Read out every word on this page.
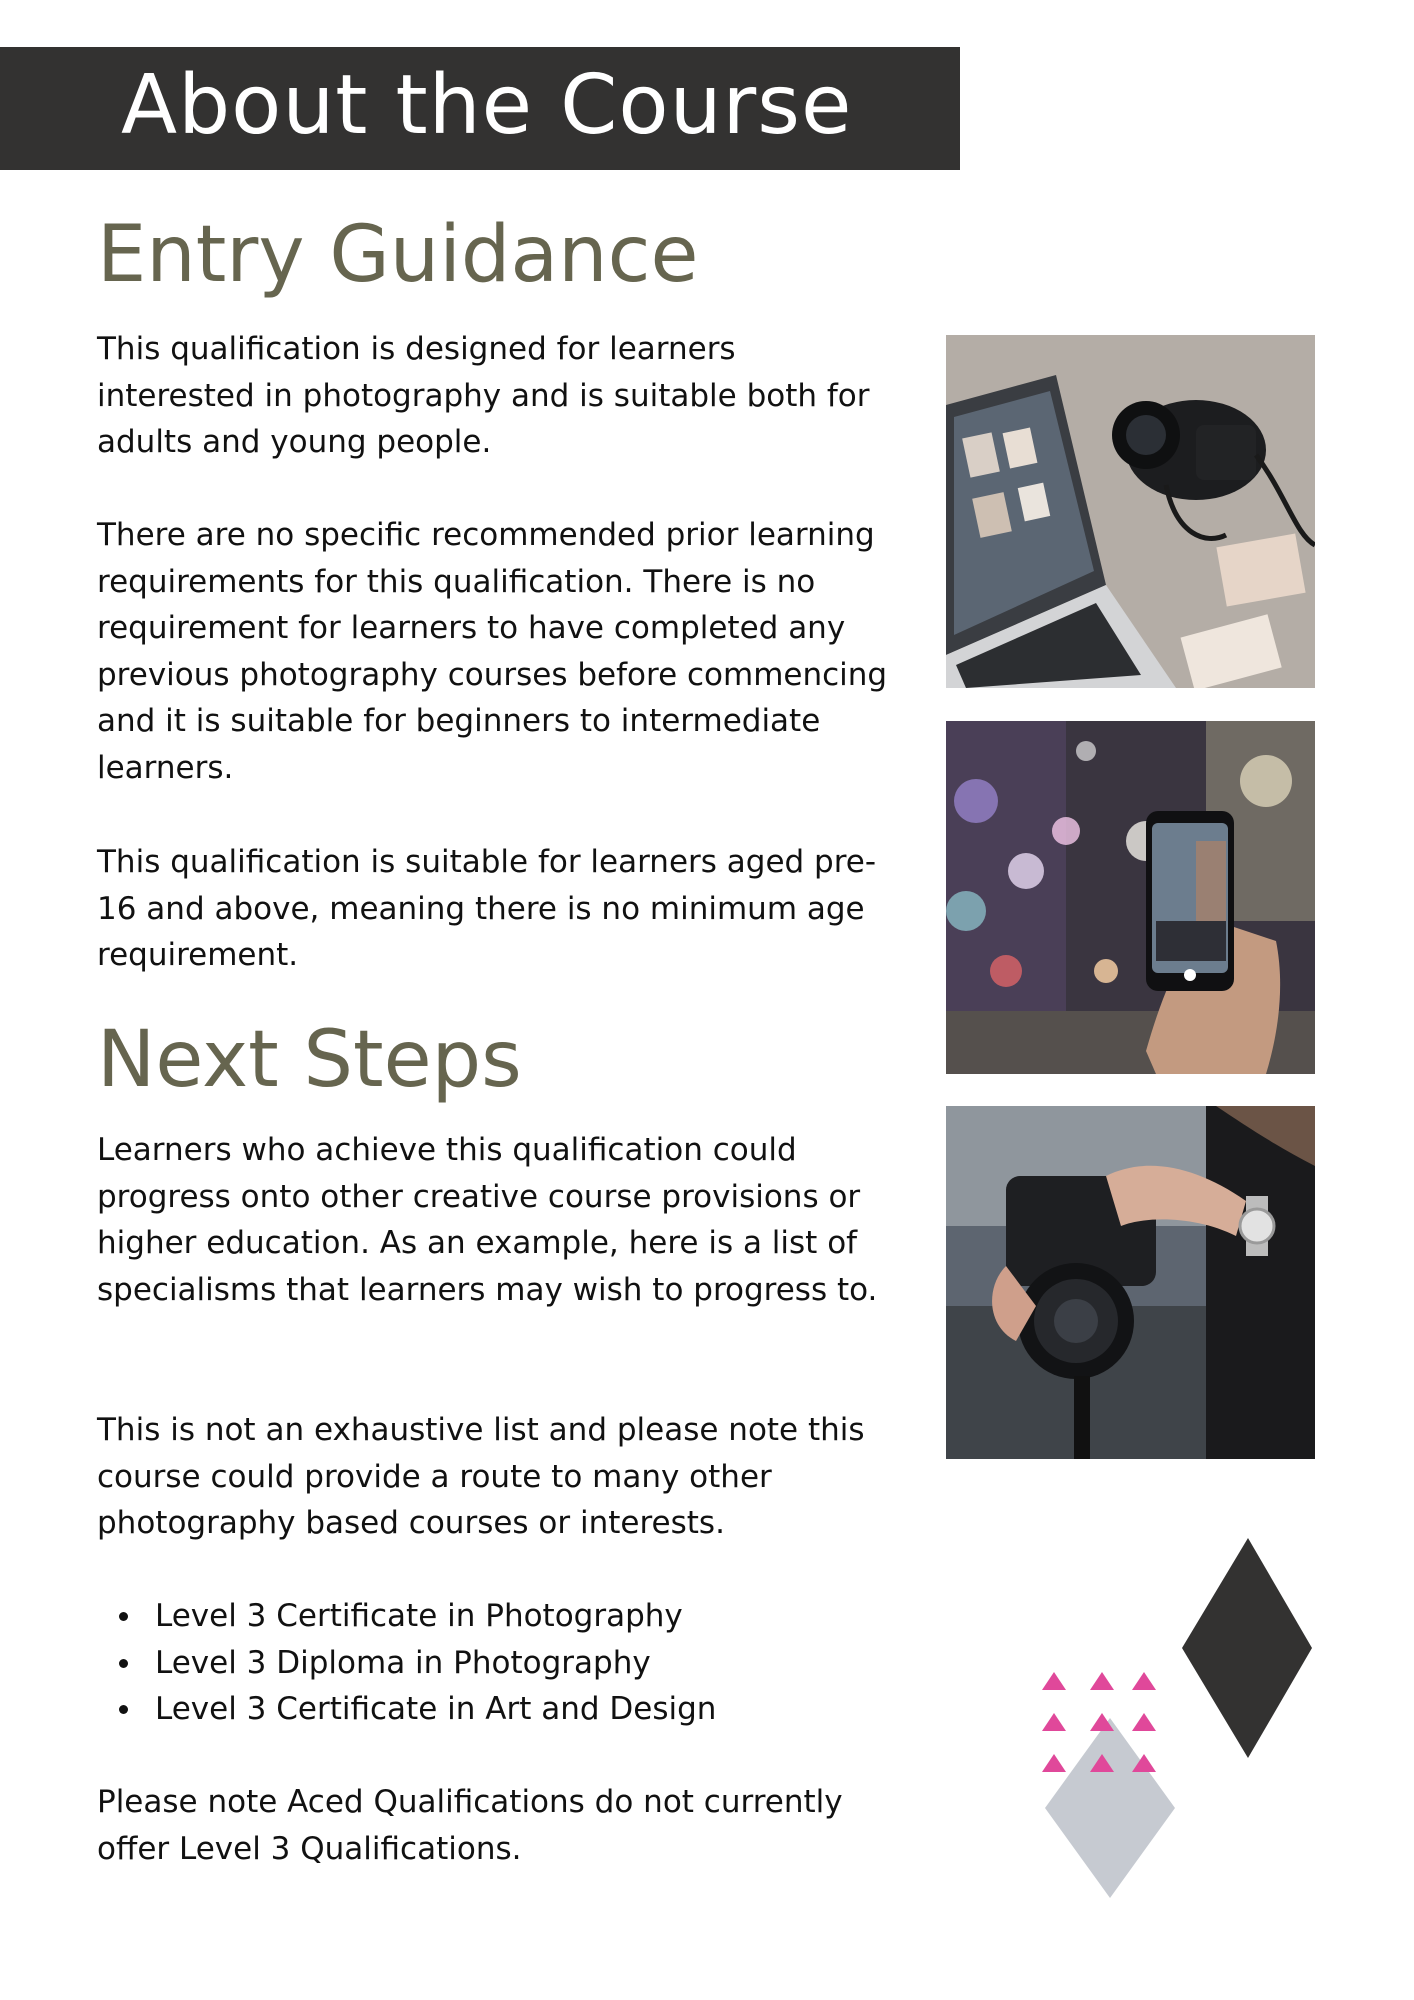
About the Course
Entry Guidance

This qualification is designed for learners interested in photography and is suitable both for adults and young people.

There are no specific recommended prior learning requirements for this qualification. There is no requirement for learners to have completed any previous photography courses before commencing and it is suitable for beginners to intermediate learners.

This qualification is suitable for learners aged pre-16 and above, meaning there is no minimum age requirement.

Next Steps

Learners who achieve this qualification could progress onto other creative course provisions or higher education. As an example, here is a list of specialisms that learners may wish to progress to.

This is not an exhaustive list and please note this course could provide a route to many other photography based courses or interests.

Level 3 Certificate in Photography
Level 3 Diploma in Photography
Level 3 Certificate in Art and Design

Please note Aced Qualifications do not currently offer Level 3 Qualifications.
